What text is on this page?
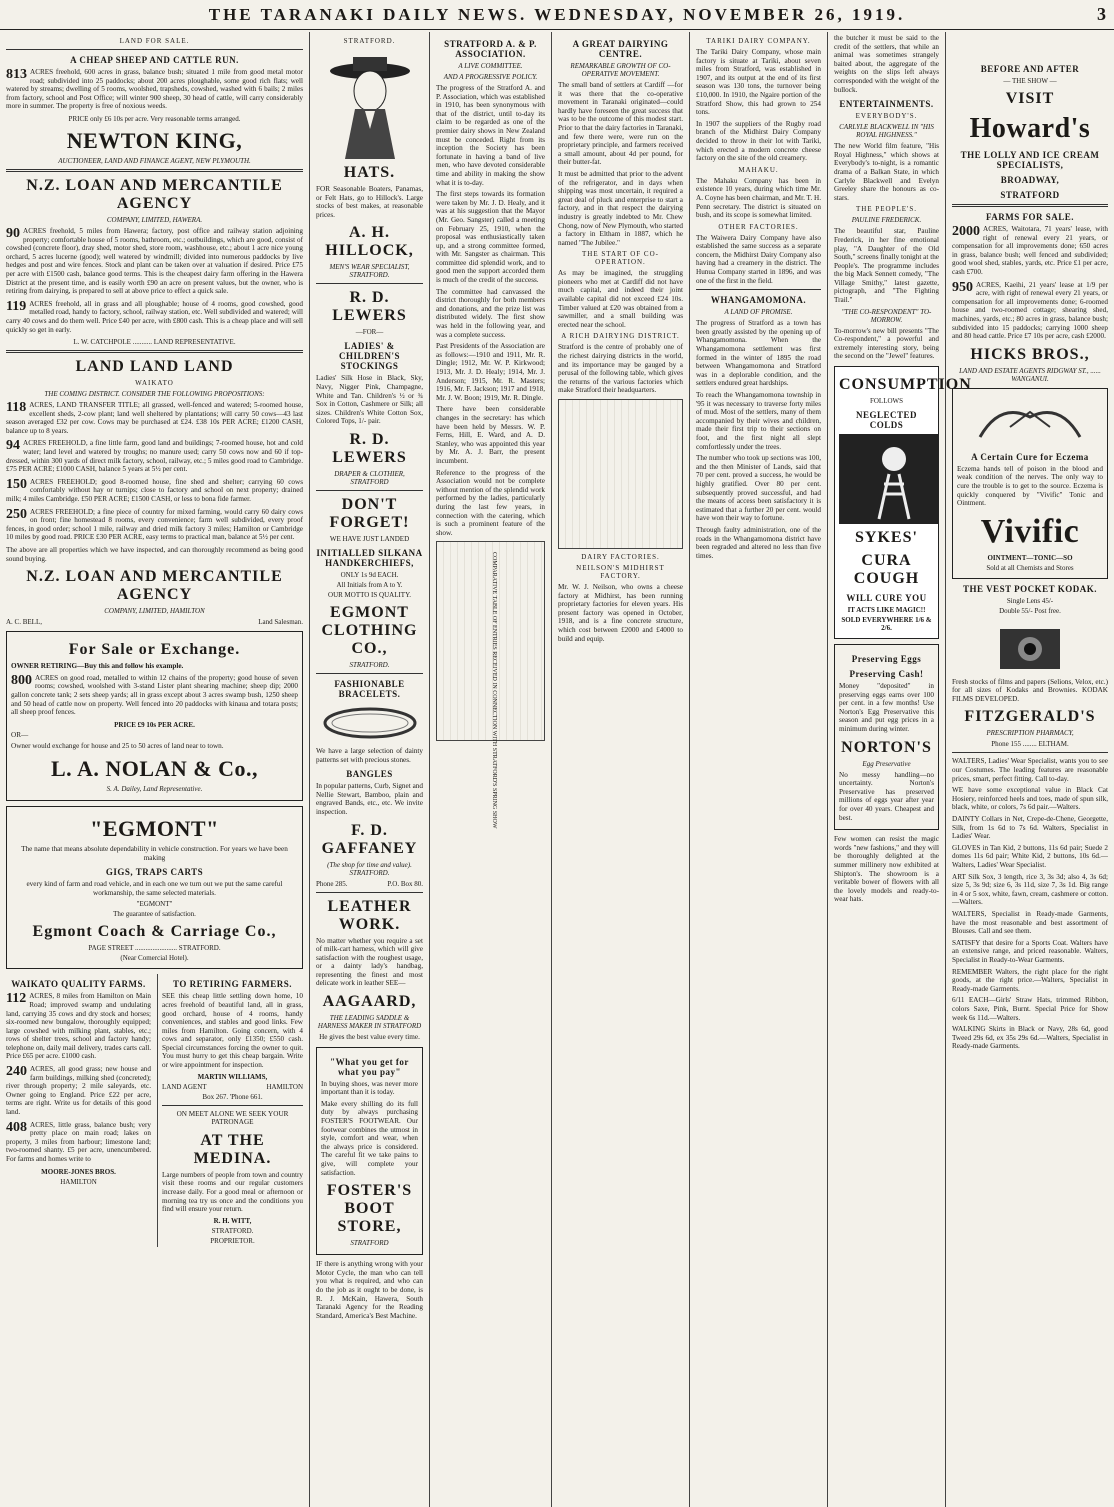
THE TARANAKI DAILY NEWS. WEDNESDAY, NOVEMBER 26, 1919.	3
LAND FOR SALE.
A CHEAP SHEEP AND CATTLE RUN.
813 ACRES freehold, 600 acres in grass, balance bush; situated 1 mile from good metal motor road; subdivided into 25 paddocks; about 200 acres ploughable, some good rich flats; well watered by streams; dwelling of 5 rooms, woolshed, trapsheds, cowshed, washed with 6 bails; 2 miles from factory, school and Post Office; will winter 900 sheep, 30 head of cattle, will carry considerably more in summer. The property is free of noxious weeds.
PRICE only £6 10s per acre. Very reasonable terms arranged.
NEWTON KING,
AUCTIONEER, LAND AND FINANCE AGENT, NEW PLYMOUTH.
N.Z. LOAN AND MERCANTILE AGENCY
COMPANY, LIMITED, HAWERA.
90 ACRES freehold, 5 miles from Hawera; factory, post office and railway station adjoining property; comfortable house of 5 rooms, bathroom, etc.; outbuildings, which are good, consist of cowshed (concrete floor), dray shed, motor shed, store room, washhouse, etc.; about 1 acre nice young orchard, 5 acres lucerne (good); well watered by windmill; divided into numerous paddocks by live hedges and post and wire fences. Stock and plant can be taken over at valuation if desired. Price £75 per acre with £1500 cash, balance good terms. This is the cheapest dairy farm offering in the Hawera District at the present time, and is easily worth £90 an acre on present values, but the owner, who is retiring from dairying, is prepared to sell at above price to effect a quick sale.
119 ACRES freehold, all in grass and all ploughable; house of 4 rooms, good cowshed, good metalled road, handy to factory, school, railway station, etc. Well subdivided and watered; will carry 40 cows and do them well. Price £40 per acre, with £800 cash. This is a cheap place and will sell quickly so get in early.
L. W. CATCHPOLE ........... LAND REPRESENTATIVE.
LAND LAND LAND
WAIKATO
THE COMING DISTRICT. CONSIDER THE FOLLOWING PROPOSITIONS:
118 ACRES, LAND TRANSFER TITLE; all grassed, well-fenced and watered; 5-roomed house, excellent sheds, 2-cow plant; land well sheltered by plantations; will carry 50 cows—43 last season averaged £32 per cow. Cows may be purchased at £24. £38 10s PER ACRE; £1200 CASH, balance up to 8 years.
94 ACRES FREEHOLD, a fine little farm, good land and buildings; 7-roomed house, hot and cold water; land level and watered by troughs; no manure used; carry 50 cows now and 60 if top-dressed, within 300 yards of direct milk factory, school, railway, etc.; 5 miles good road to Cambridge. £75 PER ACRE; £1000 CASH, balance 5 years at 5½ per cent.
150 ACRES FREEHOLD; good 8-roomed house, fine shed and shelter; carrying 60 cows comfortably without hay or turnips; close to factory and school on next property; drained milk; 4 miles Cambridge. £50 PER ACRE; £1500 CASH, or less to bona fide farmer.
250 ACRES FREEHOLD; a fine piece of country for mixed farming, would carry 60 dairy cows on front; fine homestead 8 rooms, every convenience; farm well subdivided, every proof fences, in good order; school 1 mile, railway and dried milk factory 3 miles; Hamilton or Cambridge 10 miles by good road. PRICE £30 PER ACRE, easy terms to practical man, balance at 5½ per cent.
The above are all properties which we have inspected, and can thoroughly recommend as being good sound buying.
N.Z. LOAN AND MERCANTILE AGENCY
COMPANY, LIMITED, HAMILTON
A. C. BELL,	Land Salesman.
For Sale or Exchange.
OWNER RETIRING—Buy this and follow his example.
800 ACRES on good road, metalled to within 12 chains of the property; good house of seven rooms; cowshed, woolshed with 3-stand Lister plant shearing machine; sheep dip; 2000 gallon concrete tank; 2 sets sheep yards; all in grass except about 3 acres swamp bush, 1250 sheep and 50 head of cattle now on property. Well fenced into 20 paddocks with kinaua and totara posts; all sheep proof fences.
PRICE £9 10s PER ACRE.
OR—
Owner would exchange for house and 25 to 50 acres of land near to town.
L. A. NOLAN & Co.,
S. A. Dailey, Land Representative.
"EGMONT"
The name that means absolute dependability in vehicle construction. For years we have been making
GIGS, TRAPS CARTS
every kind of farm and road vehicle, and in each one we turn out we put the same careful workmanship, the same selected materials.
"EGMONT"
The guarantee of satisfaction.
Egmont Coach & Carriage Co.,
PAGE STREET ........................ STRATFORD.
(Near Comercial Hotel).
WAIKATO QUALITY FARMS.
112 ACRES, 8 miles from Hamilton on Main Road; improved swamp and undulating land, carrying 35 cows and dry stock and horses; six-roomed new bungalow, thoroughly equipped; large cowshed with milking plant, stables, etc.; rows of shelter trees, school and factory handy; telephone on, daily mail delivery, trades carts call. Price £65 per acre. £1000 cash.
240 ACRES, all good grass; new house and farm buildings, milking shed (concreted); river through property; 2 mile saleyards, etc. Owner going to England. Price £22 per acre, terms are right. Write us for details of this good land.
408 ACRES, little grass, balance bush; very pretty place on main road; lakes on property, 3 miles from harbour; limestone land; two-roomed shanty. £5 per acre, unencumbered. For farms and homes write to
MOORE-JONES BROS.
HAMILTON
TO RETIRING FARMERS.
SEE this cheap little settling down home, 10 acres freehold of beautiful land, all in grass, good orchard, house of 4 rooms, handy conveniences, and stables and good links. Few miles from Hamilton. Going concern, with 4 cows and separator, only £1350; £550 cash. Special circumstances forcing the owner to quit. You must hurry to get this cheap bargain. Write or wire appointment for inspection.
MARTIN WILLIAMS,
LAND AGENT	HAMILTON
Box 267. 'Phone 661.
ON MEET ALONE WE SEEK YOUR PATRONAGE
AT THE MEDINA.
Large numbers of people from town and country visit these rooms and our regular customers increase daily. For a good meal or afternoon or morning tea try us once and the conditions you find will ensure your return.
R. H. WITT,
STRATFORD.
PROPRIETOR.
STRATFORD.
HATS.
FOR Seasonable Boaters, Panamas, or Felt Hats, go to Hillock's. Large stocks of best makes, at reasonable prices.
A. H. HILLOCK,
MEN'S WEAR SPECIALIST, STRATFORD.
R. D. LEWERS
—FOR—
LADIES' & CHILDREN'S STOCKINGS
Ladies' Silk Hose in Black, Sky, Navy, Nigger Pink, Champagne, White and Tan. Children's ½ or ¾ Sox in Cotton, Cashmere or Silk; all sizes. Children's White Cotton Sox, Colored Tops, 1/- pair.
R. D. LEWERS
DRAPER & CLOTHIER, STRATFORD
DON'T FORGET!
WE HAVE JUST LANDED
INITIALLED SILKANA HANDKERCHIEFS,
ONLY 1s 9d EACH.
All Initials from A to Y.
OUR MOTTO IS QUALITY.
EGMONT CLOTHING CO.,
STRATFORD.
FASHIONABLE BRACELETS.
We have a large selection of dainty patterns set with precious stones.
BANGLES
In popular patterns, Curb, Signet and Nellie Stewart, Bamboo, plain and engraved Bands, etc., etc. We invite inspection.
F. D. GAFFANEY
(The shop for time and value). STRATFORD.
Phone 285.	P.O. Box 80.
LEATHER WORK.
No matter whether you require a set of milk-cart harness, which will give satisfaction with the roughest usage, or a dainty lady's handbag, representing the finest and most delicate work in leather SEE—
AAGAARD,
THE LEADING SADDLE & HARNESS MAKER IN STRATFORD
He gives the best value every time.
"What you get for what you pay"
In buying shoes, was never more important than it is today.
Make every shilling do its full duty by always purchasing FOSTER'S FOOTWEAR. Our footwear combines the utmost in style, comfort and wear, when the always price is considered. The careful fit we take pains to give, will complete your satisfaction.
FOSTER'S BOOT STORE,
STRATFORD
IF there is anything wrong with your Motor Cycle, the man who can tell you what is required, and who can do the job as it ought to be done, is R. J. McKain, Hawera, South Taranaki Agency for the Reading Standard, America's Best Machine.
STRATFORD A. & P. ASSOCIATION.
A LIVE COMMITTEE.
AND A PROGRESSIVE POLICY.
The progress of the Stratford A. and P. Association, which was established in 1910, has been synonymous with that of the district, until to-day its claim to be regarded as one of the premier dairy shows in New Zealand must be conceded. Right from its inception the Society has been fortunate in having a band of live men, who have devoted considerable time and ability in making the show what it is to-day.
The first steps towards its formation were taken by Mr. J. D. Healy, and it was at his suggestion that the Mayor (Mr. Geo. Sangster) called a meeting on February 25, 1910, when the proposal was enthusiastically taken up, and a strong committee formed, with Mr. Sangster as chairman. This committee did splendid work, and to good men the support accorded them is much of the credit of the success.
The committee had canvassed the district thoroughly for both members and donations, and the prize list was distributed widely. The first show was held in the following year, and was a complete success.
Past Presidents of the Association are as follows:—1910 and 1911, Mr. R. Dingle; 1912, Mr. W. P. Kirkwood; 1913, Mr. J. D. Healy; 1914, Mr. J. Anderson; 1915, Mr. R. Masters; 1916, Mr. F. Jackson; 1917 and 1918, Mr. J. W. Boon; 1919, Mr. R. Dingle.
There have been considerable changes in the secretary: has which have been held by Messrs. W. P. Ferns, Hill, E. Ward, and A. D. Stanley, who was appointed this year by Mr. A. J. Barr, the present incumbent.
Reference to the progress of the Association would not be complete without mention of the splendid work performed by the ladies, particularly during the last few years, in connection with the catering, which is such a prominent feature of the show.
COMPARATIVE TABLE OF ENTRIES RECEIVED IN CONNECTION WITH STRATFORD'S SPRING SHOW
A GREAT DAIRYING CENTRE.
REMARKABLE GROWTH OF CO-OPERATIVE MOVEMENT.
The small band of settlers at Cardiff —for it was there that the co-operative movement in Taranaki originated—could hardly have foreseen the great success that was to be the outcome of this modest start. Prior to that the dairy factories in Taranaki, and few there were, were run on the proprietary principle, and farmers received a small amount, about 4d per pound, for their butter-fat.
It must be admitted that prior to the advent of the refrigerator, and in days when shipping was most uncertain, it required a great deal of pluck and enterprise to start a factory, and in that respect the dairying industry is greatly indebted to Mr. Chew Chong, now of New Plymouth, who started a factory in Eltham in 1887, which he named "The Jubilee."
THE START OF CO-OPERATION.
As may be imagined, the struggling pioneers who met at Cardiff did not have much capital, and indeed their joint available capital did not exceed £24 10s. Timber valued at £20 was obtained from a sawmiller, and a small building was erected near the school.
A RICH DAIRYING DISTRICT.
Stratford is the centre of probably one of the richest dairying districts in the world, and its importance may be gauged by a perusal of the following table, which gives the returns of the various factories which make Stratford their headquarters.
DAIRY FACTORIES.
NEILSON'S MIDHIRST FACTORY.
Mr. W. J. Neilson, who owns a cheese factory at Midhirst, has been running proprietary factories for eleven years. His present factory was opened in October, 1918, and is a fine concrete structure, which cost between £2000 and £4000 to build and equip.
TARIKI DAIRY COMPANY.
The Tariki Dairy Company, whose main factory is situate at Tariki, about seven miles from Stratford, was established in 1907, and its output at the end of its first season was 130 tons, the turnover being £10,000. In 1910, the Ngaire portion of the Stratford Show, this had grown to 254 tons.
In 1907 the suppliers of the Rugby road branch of the Midhirst Dairy Company decided to throw in their lot with Tariki, which erected a modern concrete cheese factory on the site of the old creamery.
MAHAKU.
The Mahaku Company has been in existence 10 years, during which time Mr. A. Coyne has been chairman, and Mr. T. H. Penn secretary. The district is situated on bush, and its scope is somewhat limited.
OTHER FACTORIES.
The Waiwera Dairy Company have also established the same success as a separate concern, the Midhirst Dairy Company also having had a creamery in the district. The Hunua Company started in 1896, and was one of the first in the field.
WHANGAMOMONA.
A LAND OF PROMISE.
The progress of Stratford as a town has been greatly assisted by the opening up of Whangamomona. When the Whangamomona settlement was first formed in the winter of 1895 the road between Whangamomona and Stratford was in a deplorable condition, and the settlers endured great hardships.
To reach the Whangamomona township in '95 it was necessary to traverse forty miles of mud. Most of the settlers, many of them accompanied by their wives and children, made their first trip to their sections on foot, and the first night all slept comfortlessly under the trees.
The number who took up sections was 100, and the then Minister of Lands, said that 70 per cent. proved a success, he would be highly gratified. Over 80 per cent. subsequently proved successful, and had the means of access been satisfactory it is estimated that a further 20 per cent. would have won their way to fortune.
Through faulty administration, one of the roads in the Whangamomona district have been regraded and altered no less than five times.
the butcher it must be said to the credit of the settlers, that while an animal was sometimes strangely baited about, the aggregate of the weights on the slips left always corresponded with the weight of the bullock.
ENTERTAINMENTS.
EVERYBODY'S.
CARLYLE BLACKWELL IN "HIS ROYAL HIGHNESS."
The new World film feature, "His Royal Highness," which shows at Everybody's to-night, is a romantic drama of a Balkan State, in which Carlyle Blackwell and Evelyn Greeley share the honours as co-stars.
THE PEOPLE'S.
PAULINE FREDERICK.
The beautiful star, Pauline Frederick, in her fine emotional play, "A Daughter of the Old South," screens finally tonight at the People's. The programme includes the big Mack Sennett comedy, "The Village Smithy," latest gazette, pictograph, and "The Fighting Trail."
"THE CO-RESPONDENT" TO-MORROW.
To-morrow's new bill presents "The Co-respondent," a powerful and extremely interesting story, being the second on the "Jewel" features.
CONSUMPTION
FOLLOWS
NEGLECTED COLDS
SYKES'
CURA COUGH
WILL CURE YOU
IT ACTS LIKE MAGIC!!
SOLD EVERYWHERE 1/6 & 2/6.
Preserving Eggs
Preserving Cash!
Money "deposited" in preserving eggs earns over 100 per cent. in a few months! Use Norton's Egg Preservative this season and put egg prices in a minimum during winter.
NORTON'S
Egg Preservative
No messy handling—no uncertainty. Norton's Preservative has preserved millions of eggs year after year for over 40 years. Cheapest and best.
Few women can resist the magic words "new fashions," and they will be thoroughly delighted at the summer millinery now exhibited at Shipton's. The showroom is a veritable bower of flowers with all the lovely models and ready-to-wear hats.
BEFORE AND AFTER
— THE SHOW —
VISIT
Howard's
THE LOLLY AND ICE CREAM SPECIALISTS,
BROADWAY,
STRATFORD
FARMS FOR SALE.
2000 ACRES, Waitotara, 71 years' lease, with right of renewal every 21 years, or compensation for all improvements done; 650 acres in grass, balance bush; well fenced and subdivided; good wool shed, stables, yards, etc. Price £1 per acre, cash £700.
950 ACRES, Kaeihi, 21 years' lease at 1/9 per acre, with right of renewal every 21 years, or compensation for all improvements done; 6-roomed house and two-roomed cottage; shearing shed, machines, yards, etc.; 80 acres in grass, balance bush; subdivided into 15 paddocks; carrying 1000 sheep and 80 head cattle. Price £7 10s per acre, cash £2000.
HICKS BROS.,
LAND AND ESTATE AGENTS RIDGWAY ST., ...... WANGANUI.
A Certain Cure for Eczema
Eczema hands tell of poison in the blood and weak condition of the nerves. The only way to cure the trouble is to get to the source. Eczema is quickly conquered by "Vivific" Tonic and Ointment.
Vivific
OINTMENT—TONIC—SO
Sold at all Chemists and Stores
THE VEST POCKET KODAK.
Single Lens 45/-
Double 55/- Post free.
Fresh stocks of films and papers (Selions, Velox, etc.) for all sizes of Kodaks and Brownies. KODAK FILMS DEVELOPED.
FITZGERALD'S
PRESCRIPTION PHARMACY,
Phone 155 ........ ELTHAM.
WALTERS, Ladies' Wear Specialist, wants you to see our Costumes. The leading features are reasonable prices, smart, perfect fitting. Call to-day.
WE have some exceptional value in Black Cat Hosiery, reinforced heels and toes, made of spun silk, black, white, or colors, 7s 6d pair.—Walters.
DAINTY Collars in Net, Crepe-de-Chene, Georgette, Silk, from 1s 6d to 7s 6d. Walters, Specialist in Ladies' Wear.
GLOVES in Tan Kid, 2 buttons, 11s 6d pair; Suede 2 domes 11s 6d pair; White Kid, 2 buttons, 10s 6d.—Walters, Ladies' Wear Specialist.
ART Silk Sox, 3 length, rice 3, 3s 3d; also 4, 3s 6d; size 5, 3s 9d; size 6, 3s 11d, size 7, 3s 1d. Big range in 4 or 5 sox, white, fawn, cream, cashmere or cotton.—Walters.
WALTERS, Specialist in Ready-made Garments, have the most reasonable and best assortment of Blouses. Call and see them.
SATISFY that desire for a Sports Coat. Walters have an extensive range, and priced reasonable. Walters, Specialist in Ready-to-Wear Garments.
REMEMBER Walters, the right place for the right goods, at the right price.—Walters, Specialist in Ready-made Garments.
6/11 EACH—Girls' Straw Hats, trimmed Ribbon, colors Saxe, Pink, Burnt. Special Price for Show week 6s 11d.—Walters.
WALKING Skirts in Black or Navy, 28s 6d, good Tweed 29s 6d, ex 35s 29s 6d.—Walters, Specialist in Ready-made Garments.
